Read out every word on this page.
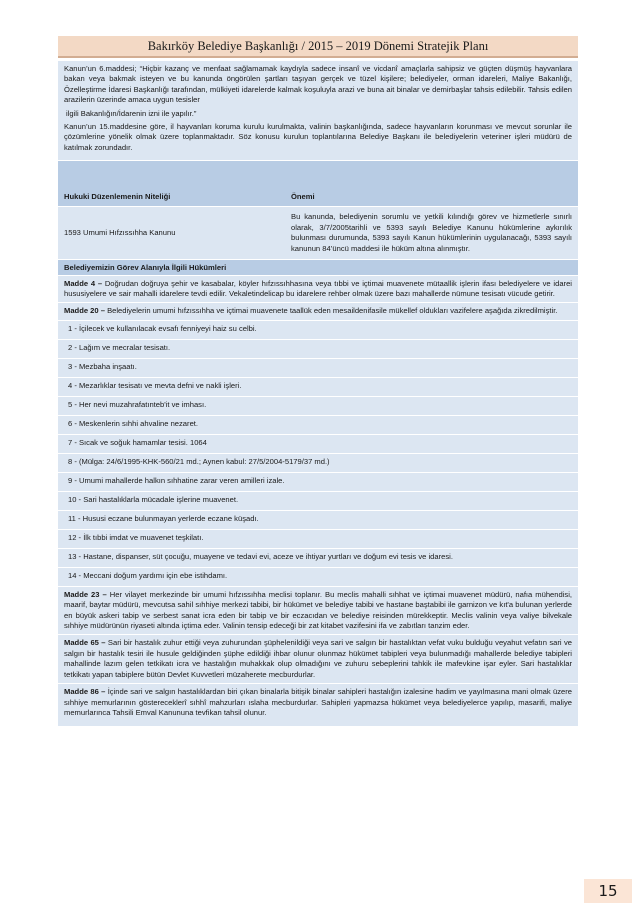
Bakırköy Belediye Başkanlığı / 2015 – 2019 Dönemi Stratejik Planı

Kanun’un 6.maddesi; “Hiçbir kazanç ve menfaat sağlamamak kaydıyla sadece insanî ve vicdanî amaçlarla sahipsiz ve güçten düşmüş hayvanlara bakan veya bakmak isteyen ve bu kanunda öngörülen şartları taşıyan gerçek ve tüzel kişilere; belediyeler, orman idareleri, Maliye Bakanlığı, Özelleştirme İdaresi Başkanlığı tarafından, mülkiyeti idarelerde kalmak koşuluyla arazi ve buna ait binalar ve demirbaşlar tahsis edilebilir. Tahsis edilen arazilerin üzerinde amaca uygun tesisler

ilgili Bakanlığın/İdarenin izni ile yapılır.”

Kanun’un 15.maddesine göre, il hayvanları koruma kurulu kurulmakta, valinin başkanlığında, sadece hayvanların korunması ve mevcut sorunlar ile çözümlerine yönelik olmak üzere toplanmaktadır. Söz konusu kurulun toplantılarına Belediye Başkanı ile belediyelerin veteriner işleri müdürü de katılmak zorundadır.

Hukuki Düzenlemenin Niteliği	Önemi
1593 Umumi Hıfzıssıhha Kanunu
Bu kanunda, belediyenin sorumlu ve yetkili kılındığı görev ve hizmetlerle sınırlı olarak, 3/7/2005tarihli ve 5393 sayılı Belediye Kanunu hükümlerine aykırılık bulunması durumunda, 5393 sayılı Kanun hükümlerinin uygulanacağı, 5393 sayılı kanunun 84’üncü maddesi ile hüküm altına alınmıştır.
Belediyemizin Görev Alanıyla İlgili Hükümleri
Madde 4 – Doğrudan doğruya şehir ve kasabalar, köyler hıfzıssıhhasına veya tıbbi ve içtimai muavenete mütaallik işlerin ifası belediyelere ve idarei hususiyelere ve sair mahalli idarelere tevdi edilir. Vekaletindelicap bu idarelere rehber olmak üzere bazı mahallerde nümune tesisatı vücude getirir.
Madde 20 – Belediyelerin umumi hıfzıssıhha ve içtimai muavenete taallük eden mesaildenifasile mükellef oldukları vazifelere aşağıda zikredilmiştir.
1 - İçilecek ve kullanılacak evsafı fenniyeyi haiz su celbi.
2 - Lağım ve mecralar tesisatı.
3 - Mezbaha inşaatı.
4 - Mezarlıklar tesisatı ve mevta defni ve nakli işleri.
5 - Her nevi muzahrafatınteb'it ve imhası.
6 - Meskenlerin sıhhi ahvaline nezaret.
7 - Sıcak ve soğuk hamamlar tesisi. 1064
8 - (Mülga: 24/6/1995-KHK-560/21 md.; Aynen kabul: 27/5/2004-5179/37 md.)
9 - Umumi mahallerde halkın sıhhatine zarar veren amilleri izale.
10 - Sari hastalıklarla mücadale işlerine muavenet.
11 - Hususi eczane bulunmayan yerlerde eczane küşadı.
12 - İlk tıbbi imdat ve muavenet teşkilatı.
13 - Hastane, dispanser, süt çocuğu, muayene ve tedavi evi, aceze ve ihtiyar yurtları ve doğum evi tesis ve idaresi.
14 - Meccani doğum yardımı için ebe istihdamı.
Madde 23 – Her vilayet merkezinde bir umumi hıfzıssıhha meclisi toplanır. Bu meclis mahalli sıhhat ve içtimai muavenet müdürü, nafıa mühendisi, maarif, baytar müdürü, mevcutsa sahil sıhhiye merkezi tabibi, bir hükümet ve belediye tabibi ve hastane baştabibi ile garnizon ve kıt'a bulunan yerlerde en büyük askeri tabip ve serbest sanat icra eden bir tabip ve bir eczacıdan ve belediye reisinden mürekkeptir. Meclis valinin veya valiye bilvekale sıhhiye müdürünün riyaseti altında içtima eder. Valinin tensip edeceği bir zat kitabet vazifesini ifa ve zabıtları tanzim eder.
Madde 65 – Sari bir hastalık zuhur ettiği veya zuhurundan şüphelenildiği veya sari ve salgın bir hastalıktan vefat vuku bulduğu veyahut vefatın sari ve salgın bir hastalık tesiri ile husule geldiğinden şüphe edildiği ihbar olunur olunmaz hükümet tabipleri veya bulunmadığı mahallerde belediye tabipleri mahallinde lazım gelen tetkikatı icra ve hastalığın muhakkak olup olmadığını ve zuhuru sebeplerini tahkik ile mafevkine işar eyler. Sari hastalıklar tetkikatı yapan tabiplere bütün Devlet Kuvvetleri müzaherete mecburdurlar.
Madde 86 – İçinde sari ve salgın hastalıklardan biri çıkan binalarla bitişik binalar sahipleri hastalığın izalesine hadim ve yayılmasına mani olmak üzere sıhhiye memurlarının göstereceklerî sıhhî mahzurları ıslaha mecburdurlar. Sahipleri yapmazsa hükümet veya belediyelerce yapılıp, masarifi, maliye memurlarınca Tahsili Emval Kanununa tevfikan tahsil olunur.
15
